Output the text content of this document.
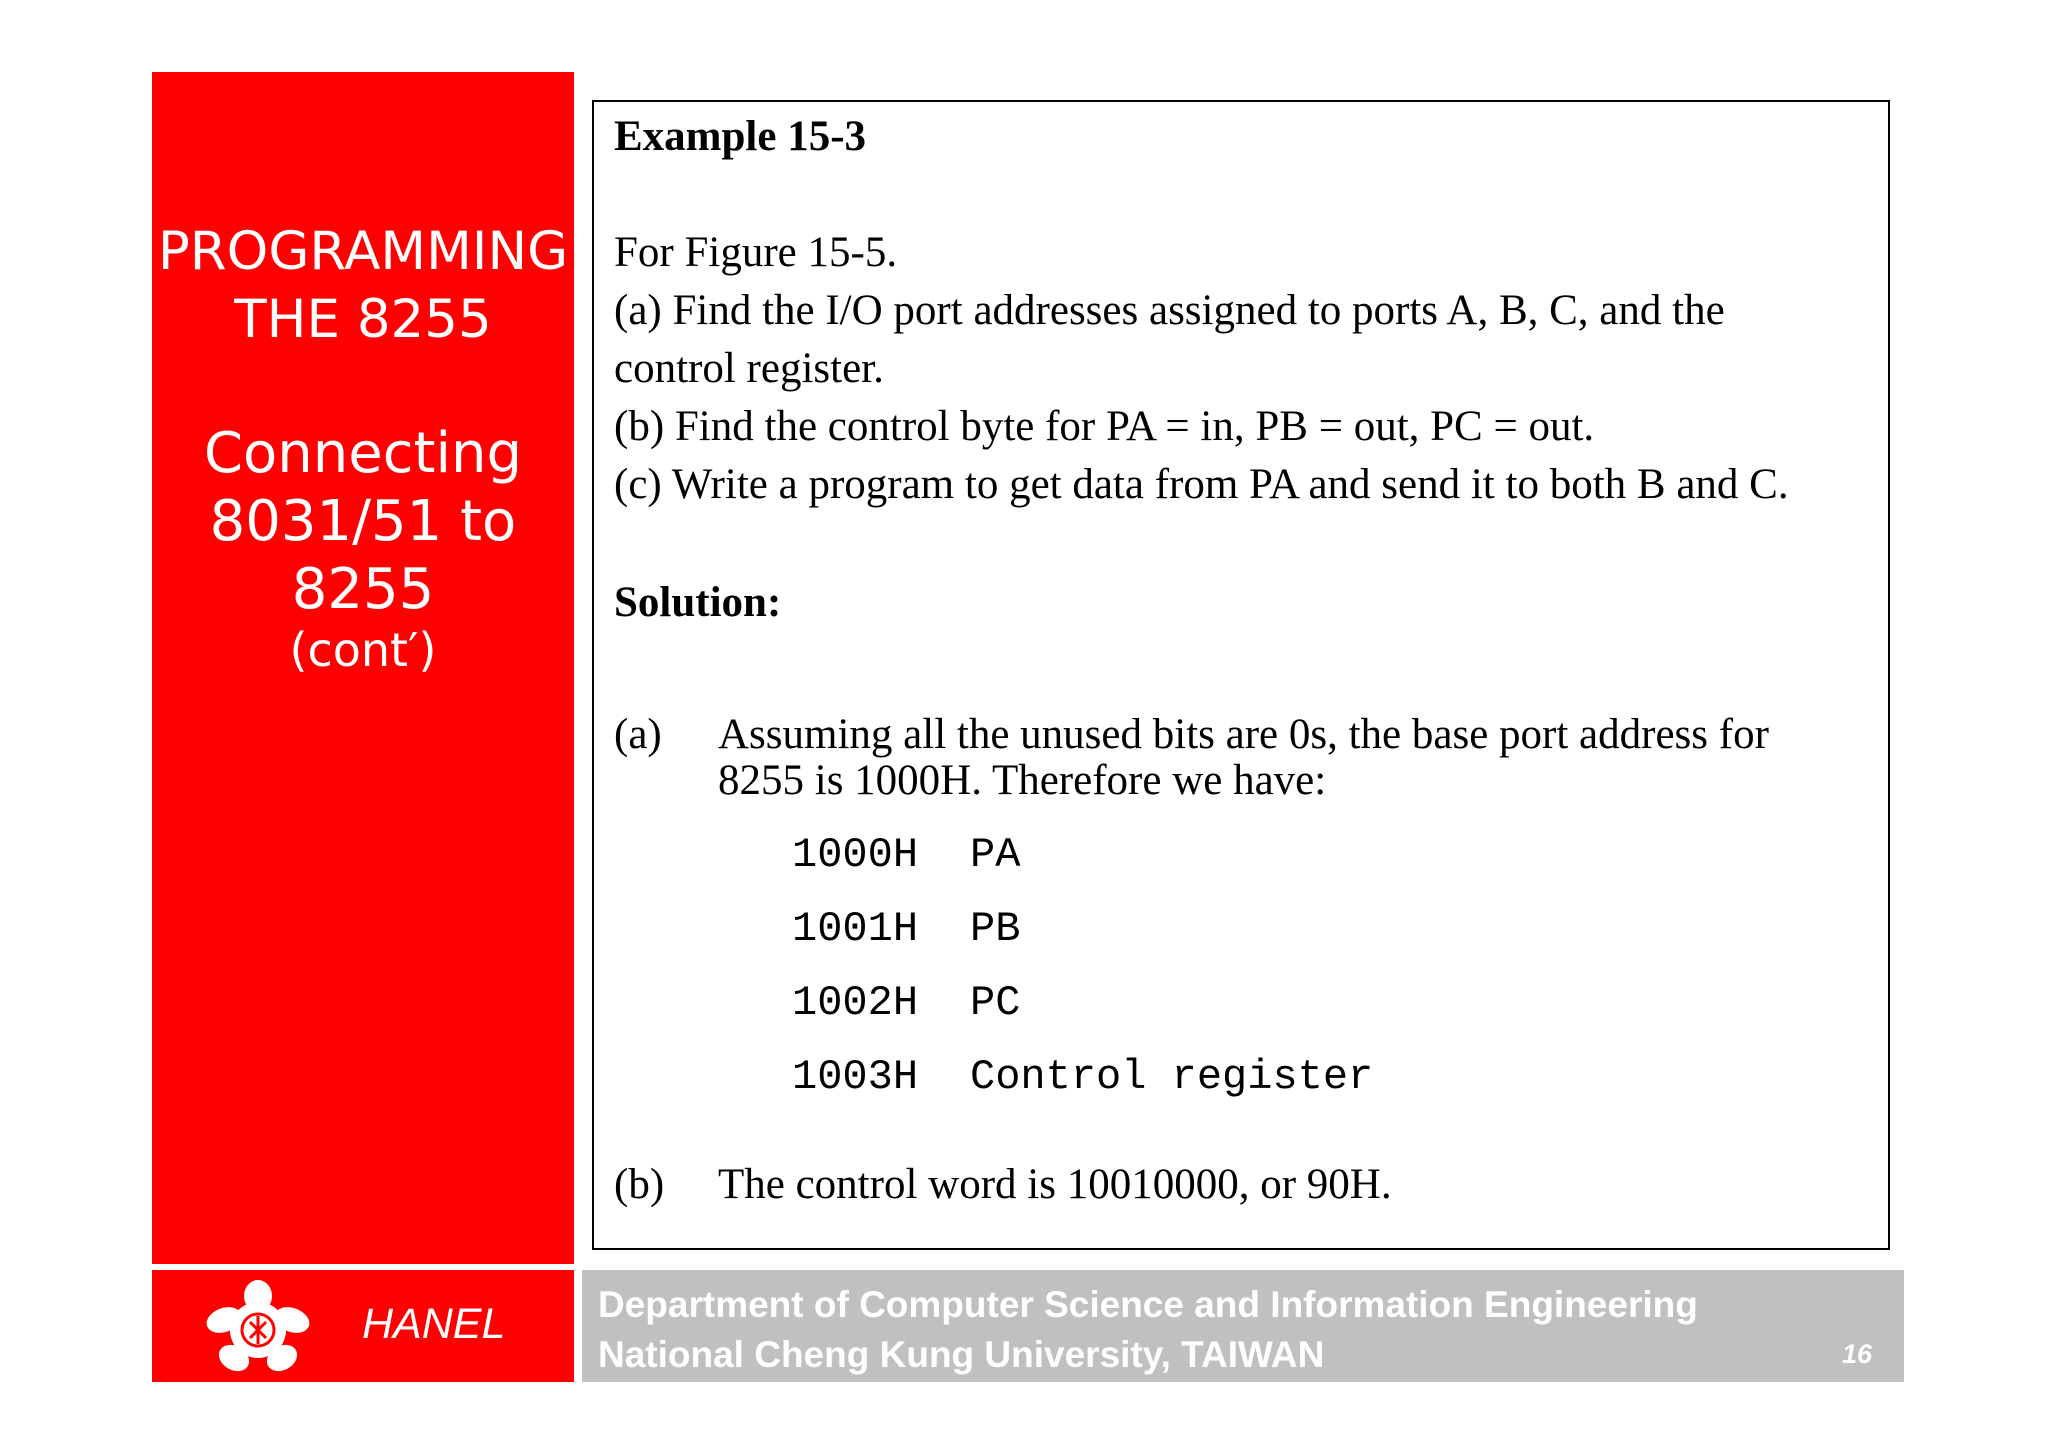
PROGRAMMING
THE 8255
Connecting
8031/51 to
8255
(cont′)
Example 15-3
For Figure 15-5.
(a) Find the I/O port addresses assigned to ports A, B, C, and the
control register.
(b) Find the control byte for PA = in, PB = out, PC = out.
(c) Write a program to get data from PA and send it to both B and C.
Solution:
(a) Assuming all the unused bits are 0s, the base port address for
8255 is 1000H. Therefore we have:
1000H PA
1001H PB
1002H PC
1003H Control register
(b) The control word is 10010000, or 90H.
HANEL	Department of Computer Science and Information Engineering
National Cheng Kung University, TAIWAN	16
